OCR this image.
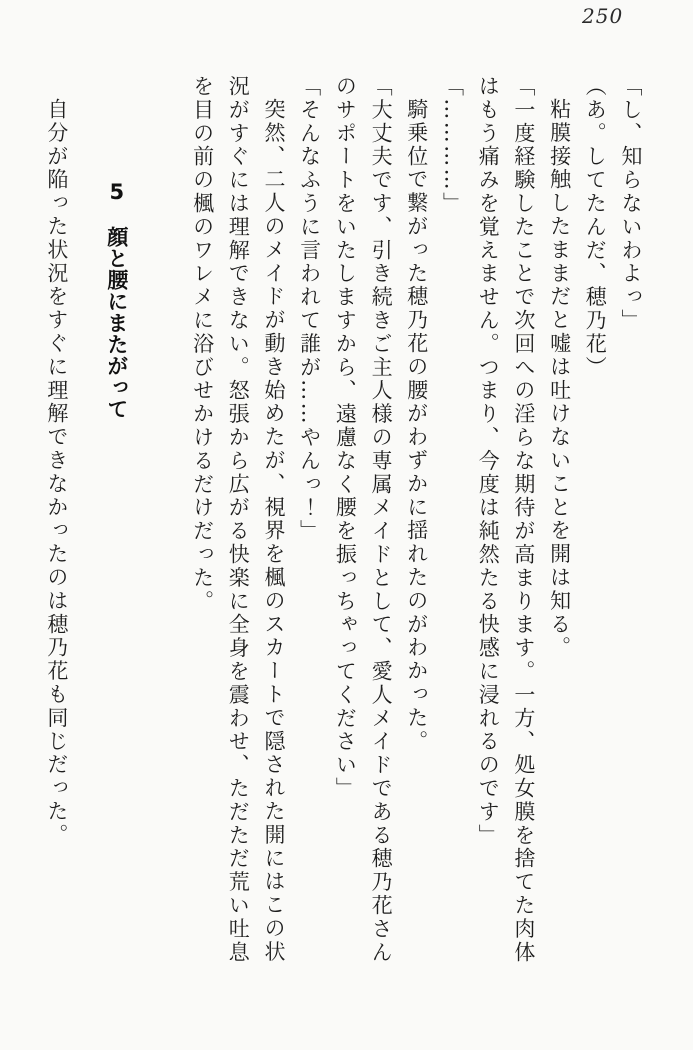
250

「し、知らないわよっ」

（あ。してたんだ、穂乃花）

粘膜接触したままだと嘘は吐けないことを開は知る。

「一度経験したことで次回への淫らな期待が高まります。一方、処女膜を捨てた肉体はもう痛みを覚えません。つまり、今度は純然たる快感に浸れるのです」

「…………」

騎乗位で繋がった穂乃花の腰がわずかに揺れたのがわかった。

「大丈夫です、引き続きご主人様の専属メイドとして、愛人メイドである穂乃花さんのサポートをいたしますから、遠慮なく腰を振っちゃってください」

「そんなふうに言われて誰が……やんっ！」

突然、二人のメイドが動き始めたが、視界を楓のスカートで隠された開にはこの状況がすぐには理解できない。怒張から広がる快楽に全身を震わせ、ただただ荒い吐息を目の前の楓のワレメに浴びせかけるだけだった。

5　顔と腰にまたがって

自分が陥った状況をすぐに理解できなかったのは穂乃花も同じだった。
